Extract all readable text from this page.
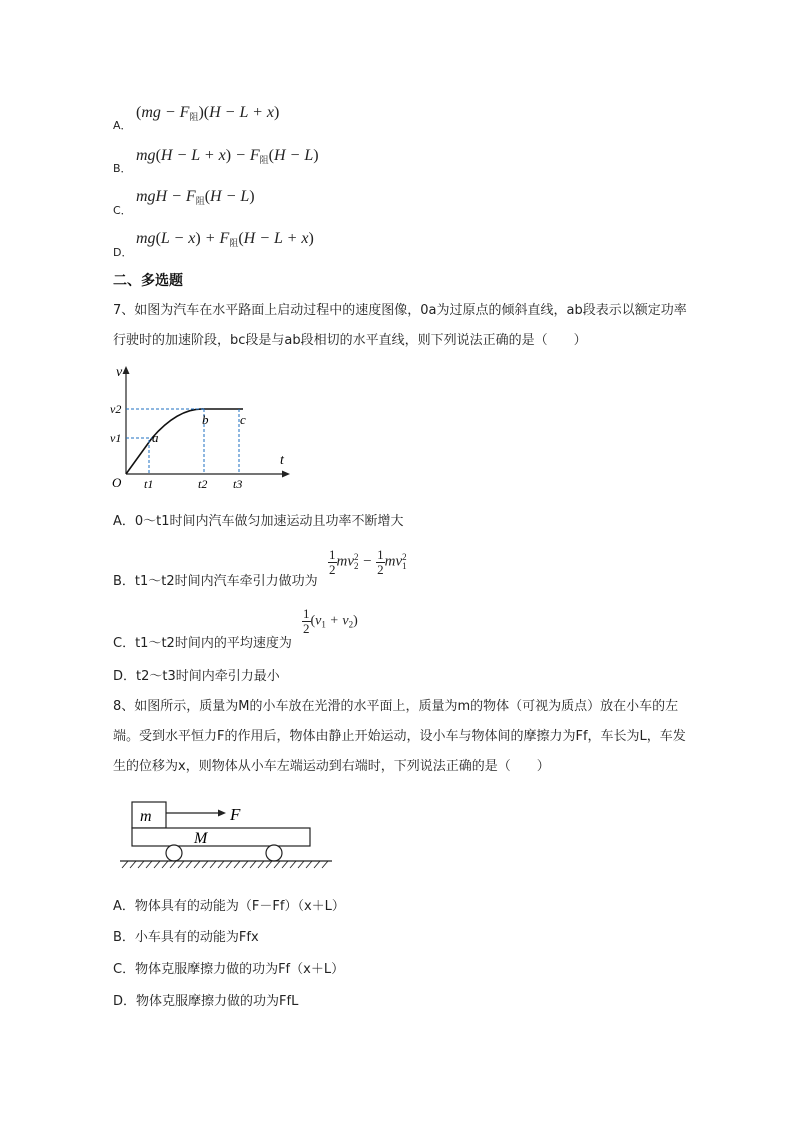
A．
$(mg - F_阻)(H - L + x)$
B．
$mg(H - L + x) - F_阻(H - L)$
C．
mgH − $F_阻(H - L)$
D．
$mg(L - x) + F_阻(H - L + x)$
二、多选题
7、如图为汽车在水平路面上启动过程中的速度图像，0a为过原点的倾斜直线，ab段表示以额定功率行驶时的加速阶段，bc段是与ab段相切的水平直线，则下列说法正确的是（　　）
v
t
O
v2
v1
t1	t2 t3
a
b c
A．0～t1时间内汽车做匀加速运动且功率不断增大
B．t1～t2时间内汽车牵引力做功为
$\frac{1}{2}$ mv 2
$2 - \frac{1}{2}$ mv 2
1
C．t1～t2时间内的平均速度为
$\frac{1}{2} (v_1 + v_2)$
D．t2～t3时间内牵引力最小
8、如图所示，质量为M的小车放在光滑的水平面上，质量为m的物体（可视为质点）放在小车的左端。受到水平恒力F的作用后，物体由静止开始运动，设小车与物体间的摩擦力为Ff，车长为L，车发生的位移为x，则物体从小车左端运动到右端时，下列说法正确的是（　　）
m	F
M
A．物体具有的动能为（F－Ff）（x＋L）
B．小车具有的动能为Ffx
C．物体克服摩擦力做的功为Ff（x＋L）
D．物体克服摩擦力做的功为FfL
